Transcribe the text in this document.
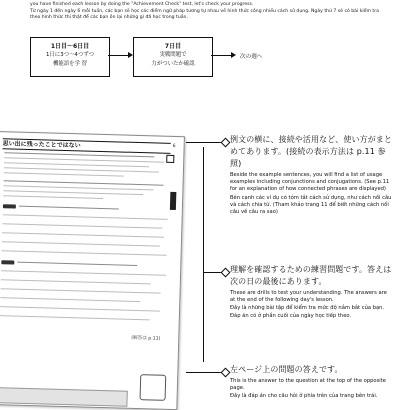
you have finished each lesson by doing the "Achievement Check" test, let's check your progress.
Từ ngày 1 đến ngày 6 mỗi tuần, các bạn sẽ học các điểm ngữ pháp tương tự nhau về hình thức công nhiều cách sử dụng. Ngày thứ 7 sẽ có bài kiểm tra theo hình thức thi thật để các bạn ôn lại những gì đã học trong tuần.
1日目〜6日目
1日に3つ〜4つずつ
機能語を学 習
7日目
実戦問題で
力がついたか確認
次の週へ
思い出に残ったことではない	6
(解答は p.11)
例文の横に、接続や活用など、使い方がまとめてあります。(接続の表示方法は p.11 参照)
Beside the example sentences, you will find a list of usage examples including conjunctions and conjugations. (See p.11 for an explanation of how connected phrases are displayed)
Bên cạnh các ví dụ có tóm tắt cách sử dụng, như cách nối câu và cách chia từ. (Tham khảo trang 11 để biết những cách nối câu về câu ra sao)
理解を確認するための練習問題です。答えは次の日の最後にあります。
These are drills to test your understanding. The answers are at the end of the following day's lesson.
Đây là những bài tập để kiểm tra mức độ nắm bắt của bạn. Đáp án có ở phần cuối của ngày học tiếp theo.
左ページ上の問題の答えです。
This is the answer to the question at the top of the opposite page.
Đây là đáp án cho câu hỏi ở phía trên của trang bên trái.
